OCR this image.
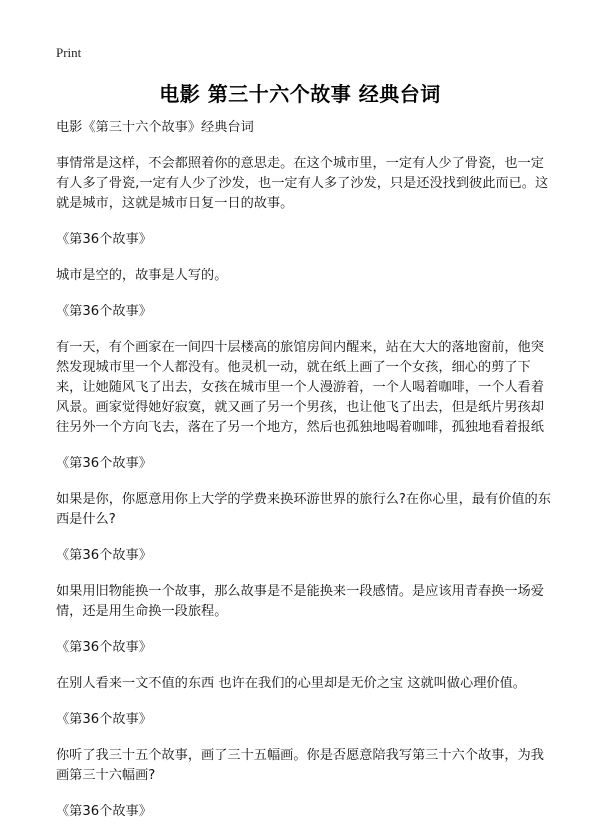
Print
电影 第三十六个故事 经典台词

电影《第三十六个故事》经典台词

事情常是这样，不会都照着你的意思走。在这个城市里，一定有人少了骨瓷，也一定有人多了骨瓷,一定有人少了沙发，也一定有人多了沙发，只是还没找到彼此而已。这就是城市，这就是城市日复一日的故事。

《第36个故事》

城市是空的，故事是人写的。

《第36个故事》

有一天，有个画家在一间四十层楼高的旅馆房间内醒来，站在大大的落地窗前，他突然发现城市里一个人都没有。他灵机一动，就在纸上画了一个女孩，细心的剪了下来，让她随风飞了出去，女孩在城市里一个人漫游着，一个人喝着咖啡，一个人看着风景。画家觉得她好寂寞，就又画了另一个男孩，也让他飞了出去，但是纸片男孩却往另外一个方向飞去，落在了另一个地方，然后也孤独地喝着咖啡，孤独地看着报纸

《第36个故事》

如果是你，你愿意用你上大学的学费来换环游世界的旅行么?在你心里，最有价值的东西是什么?

《第36个故事》

如果用旧物能换一个故事，那么故事是不是能换来一段感情。是应该用青春换一场爱情，还是用生命换一段旅程。

《第36个故事》

在别人看来一文不值的东西 也许在我们的心里却是无价之宝 这就叫做心理价值。

《第36个故事》

你听了我三十五个故事，画了三十五幅画。你是否愿意陪我写第三十六个故事，为我画第三十六幅画?

《第36个故事》
